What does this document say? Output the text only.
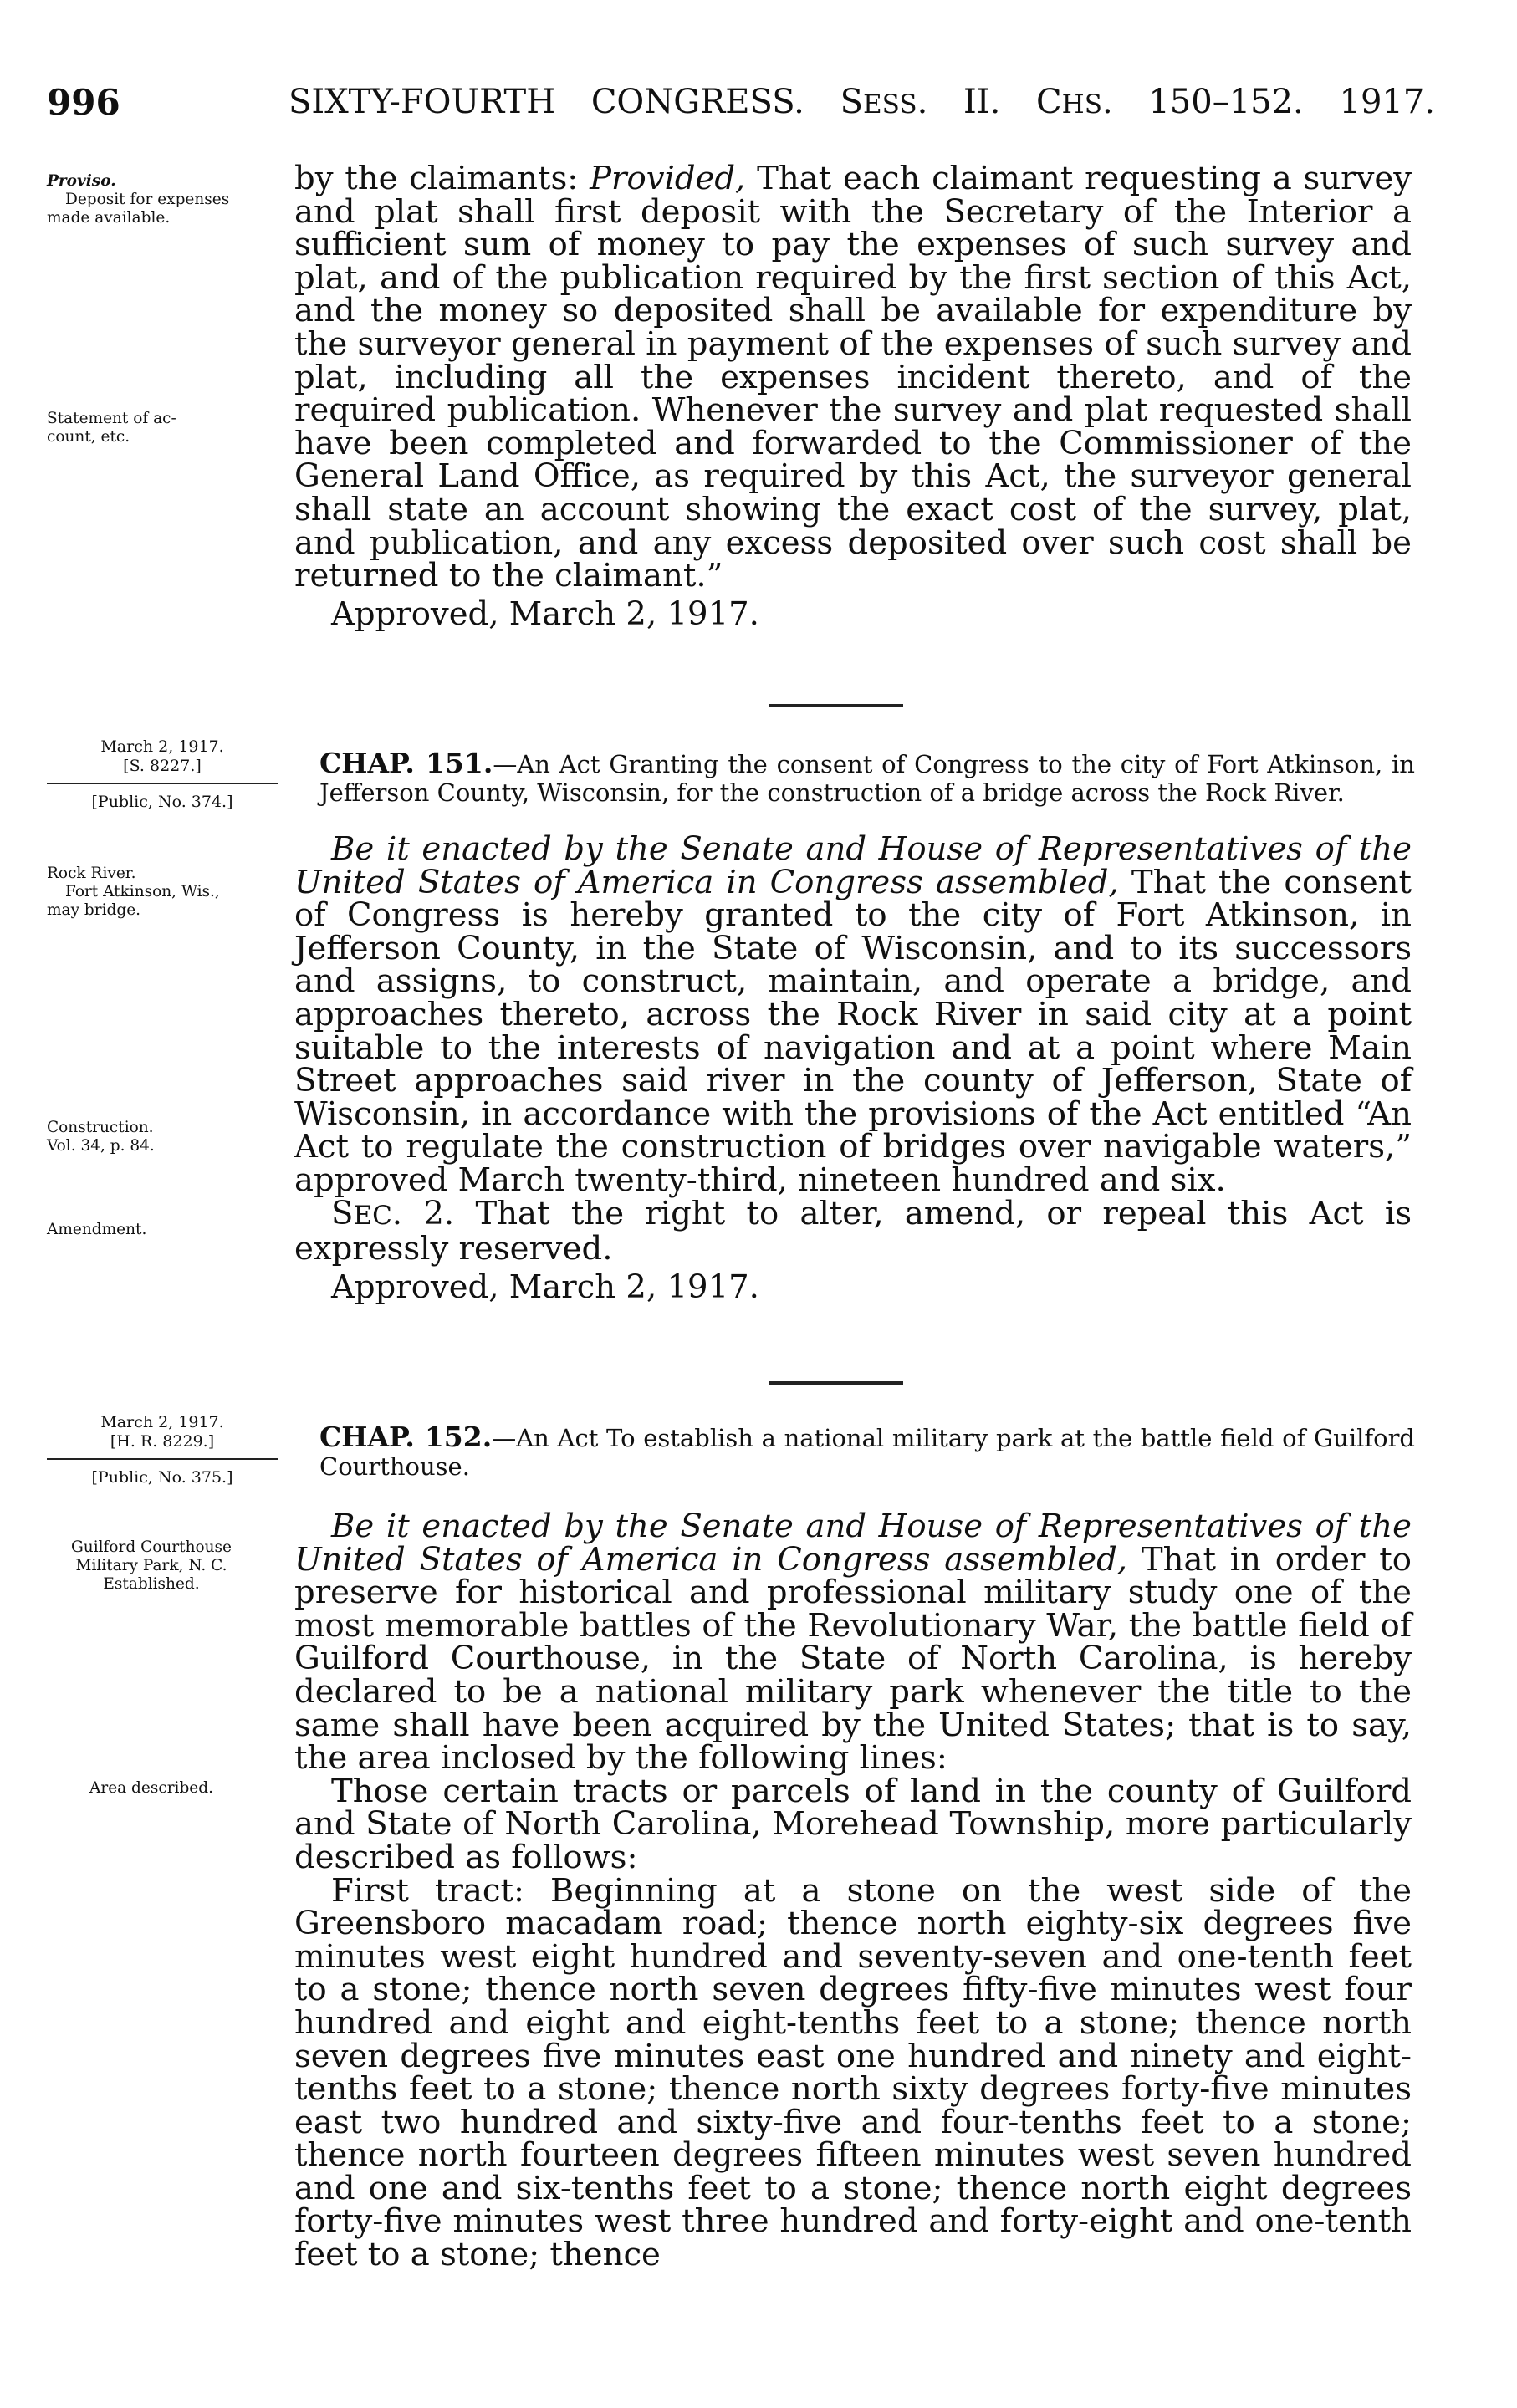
996	SIXTY-FOURTH CONGRESS. SESS. II. CHS. 150–152. 1917.
Proviso.
Deposit for expenses
made available.
Statement of ac-
count, etc.

by the claimants: Provided, That each claimant requesting a survey and plat shall first deposit with the Secretary of the Interior a sufficient sum of money to pay the expenses of such survey and plat, and of the publication required by the first section of this Act, and the money so deposited shall be available for expenditure by the surveyor general in payment of the expenses of such survey and plat, including all the expenses incident thereto, and of the required publication. Whenever the survey and plat requested shall have been completed and forwarded to the Commissioner of the General Land Office, as required by this Act, the surveyor general shall state an account showing the exact cost of the survey, plat, and publication, and any excess deposited over such cost shall be returned to the claimant.”

Approved, March 2, 1917.

March 2, 1917.
[S. 8227.]
[Public, No. 374.]
Rock River.
Fort Atkinson, Wis.,
may bridge.
Construction.
Vol. 34, p. 84.
Amendment.
CHAP. 151.—An Act Granting the consent of Congress to the city of Fort Atkinson, in Jefferson County, Wisconsin, for the construction of a bridge across the Rock River.

Be it enacted by the Senate and House of Representatives of the United States of America in Congress assembled, That the consent of Congress is hereby granted to the city of Fort Atkinson, in Jefferson County, in the State of Wisconsin, and to its successors and assigns, to construct, maintain, and operate a bridge, and approaches thereto, across the Rock River in said city at a point suitable to the interests of navigation and at a point where Main Street approaches said river in the county of Jefferson, State of Wisconsin, in accordance with the provisions of the Act entitled “An Act to regulate the construction of bridges over navigable waters,” approved March twenty-third, nineteen hundred and six.

SEC. 2. That the right to alter, amend, or repeal this Act is expressly reserved.

Approved, March 2, 1917.

March 2, 1917.
[H. R. 8229.]
[Public, No. 375.]
Guilford Courthouse
Military Park, N. C.
Established.
Area described.
CHAP. 152.—An Act To establish a national military park at the battle field of Guilford Courthouse.

Be it enacted by the Senate and House of Representatives of the United States of America in Congress assembled, That in order to preserve for historical and professional military study one of the most memorable battles of the Revolutionary War, the battle field of Guilford Courthouse, in the State of North Carolina, is hereby declared to be a national military park whenever the title to the same shall have been acquired by the United States; that is to say, the area inclosed by the following lines:

Those certain tracts or parcels of land in the county of Guilford and State of North Carolina, Morehead Township, more particularly described as follows:

First tract: Beginning at a stone on the west side of the Greensboro macadam road; thence north eighty-six degrees five minutes west eight hundred and seventy-seven and one-tenth feet to a stone; thence north seven degrees fifty-five minutes west four hundred and eight and eight-tenths feet to a stone; thence north seven degrees five minutes east one hundred and ninety and eight-tenths feet to a stone; thence north sixty degrees forty-five minutes east two hundred and sixty-five and four-tenths feet to a stone; thence north fourteen degrees fifteen minutes west seven hundred and one and six-tenths feet to a stone; thence north eight degrees forty-five minutes west three hundred and forty-eight and one-tenth feet to a stone; thence
